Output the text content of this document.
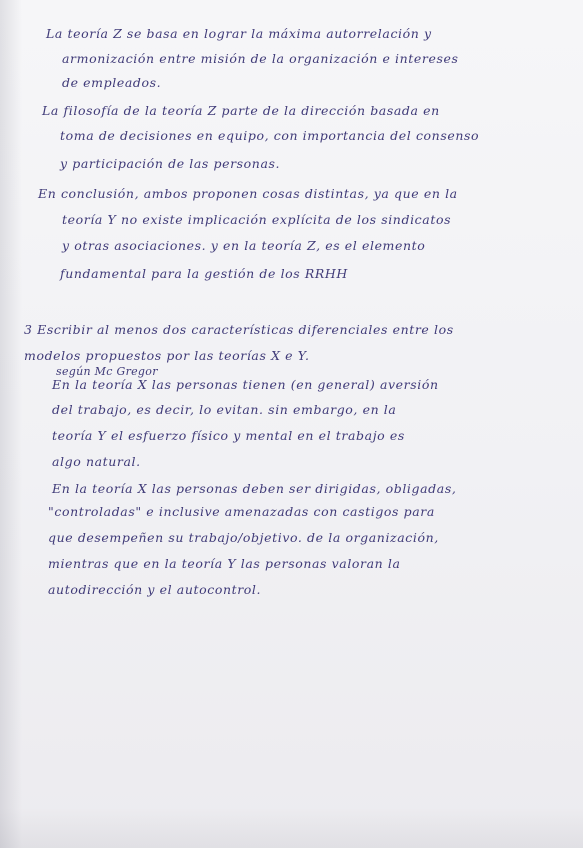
La teoría Z se basa en lograr la máxima autorrelación y
armonización entre misión de la organización e intereses
de empleados.
La filosofía de la teoría Z parte de la dirección basada en
toma de decisiones en equipo, con importancia del consenso
y participación de las personas.
En conclusión, ambos proponen cosas distintas, ya que en la
teoría Y no existe implicación explícita de los sindicatos
y otras asociaciones. y en la teoría Z, es el elemento
fundamental para la gestión de los RRHH
3 Escribir al menos dos características diferenciales entre los
modelos propuestos por las teorías X e Y.
según Mc Gregor
En la teoría X las personas tienen (en general) aversión
del trabajo, es decir, lo evitan. sin embargo, en la
teoría Y el esfuerzo físico y mental en el trabajo es
algo natural.
En la teoría X las personas deben ser dirigidas, obligadas,
"controladas" e inclusive amenazadas con castigos para
que desempeñen su trabajo/objetivo. de la organización,
mientras que en la teoría Y las personas valoran la
autodirección y el autocontrol.
